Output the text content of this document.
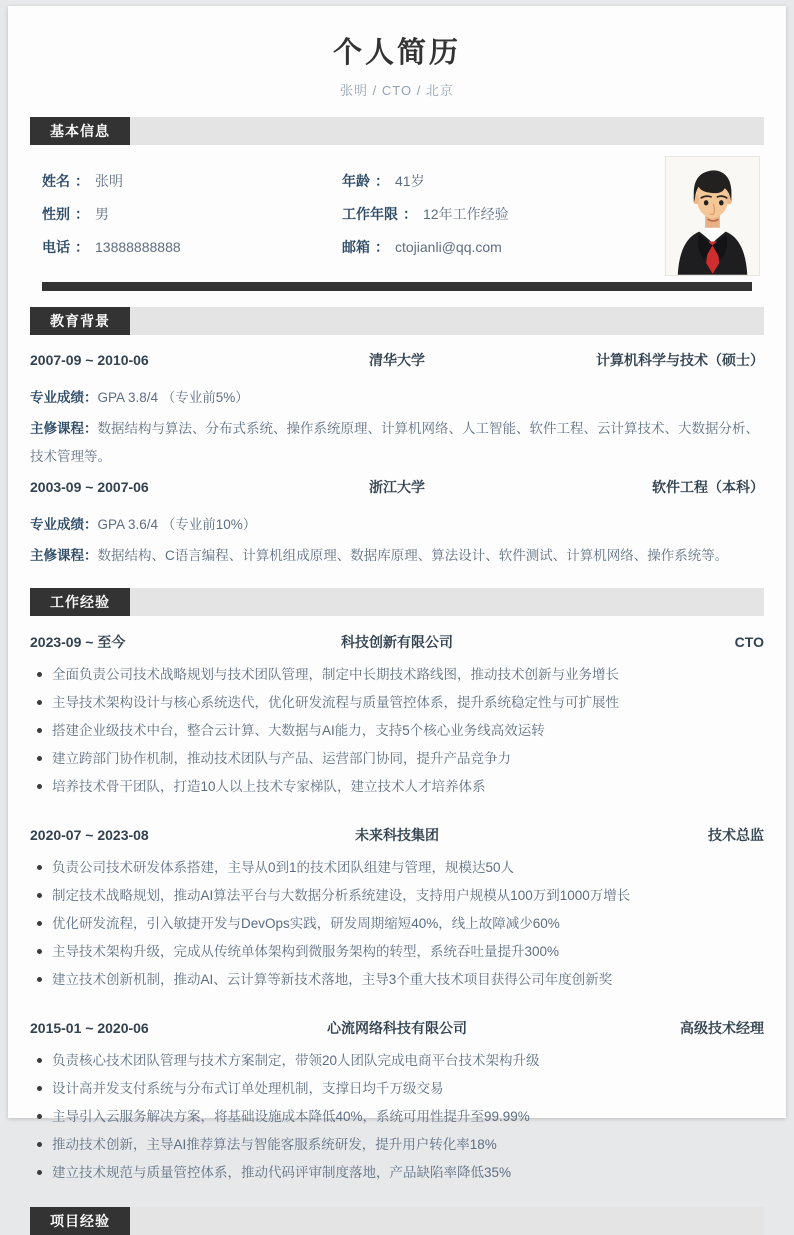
个人简历
张明 / CTO / 北京
基本信息
姓名 ： 张明	年龄 ： 41岁
性别 ： 男	工作年限 ： 12年工作经验
电话 ： 13888888888	邮箱 ： ctojianli@qq.com
教育背景
2007-09 ~ 2010-06	清华大学	计算机科学与技术（硕士）
专业成绩：GPA 3.8/4 （专业前5%）
主修课程：数据结构与算法、分布式系统、操作系统原理、计算机网络、人工智能、软件工程、云计算技术、大数据分析、技术管理等。
2003-09 ~ 2007-06	浙江大学	软件工程（本科）
专业成绩：GPA 3.6/4 （专业前10%）
主修课程：数据结构、C语言编程、计算机组成原理、数据库原理、算法设计、软件测试、计算机网络、操作系统等。
工作经验
2023-09 ~ 至今	科技创新有限公司	CTO
全面负责公司技术战略规划与技术团队管理，制定中长期技术路线图，推动技术创新与业务增长
主导技术架构设计与核心系统迭代，优化研发流程与质量管控体系，提升系统稳定性与可扩展性
搭建企业级技术中台，整合云计算、大数据与AI能力，支持5个核心业务线高效运转
建立跨部门协作机制，推动技术团队与产品、运营部门协同，提升产品竞争力
培养技术骨干团队，打造10人以上技术专家梯队，建立技术人才培养体系
2020-07 ~ 2023-08	未来科技集团	技术总监
负责公司技术研发体系搭建，主导从0到1的技术团队组建与管理，规模达50人
制定技术战略规划，推动AI算法平台与大数据分析系统建设，支持用户规模从100万到1000万增长
优化研发流程，引入敏捷开发与DevOps实践，研发周期缩短40%，线上故障减少60%
主导技术架构升级，完成从传统单体架构到微服务架构的转型，系统吞吐量提升300%
建立技术创新机制，推动AI、云计算等新技术落地，主导3个重大技术项目获得公司年度创新奖
2015-01 ~ 2020-06	心流网络科技有限公司	高级技术经理
负责核心技术团队管理与技术方案制定，带领20人团队完成电商平台技术架构升级
设计高并发支付系统与分布式订单处理机制，支撑日均千万级交易
主导引入云服务解决方案，将基础设施成本降低40%，系统可用性提升至99.99%
推动技术创新，主导AI推荐算法与智能客服系统研发，提升用户转化率18%
建立技术规范与质量管控体系，推动代码评审制度落地，产品缺陷率降低35%
项目经验
